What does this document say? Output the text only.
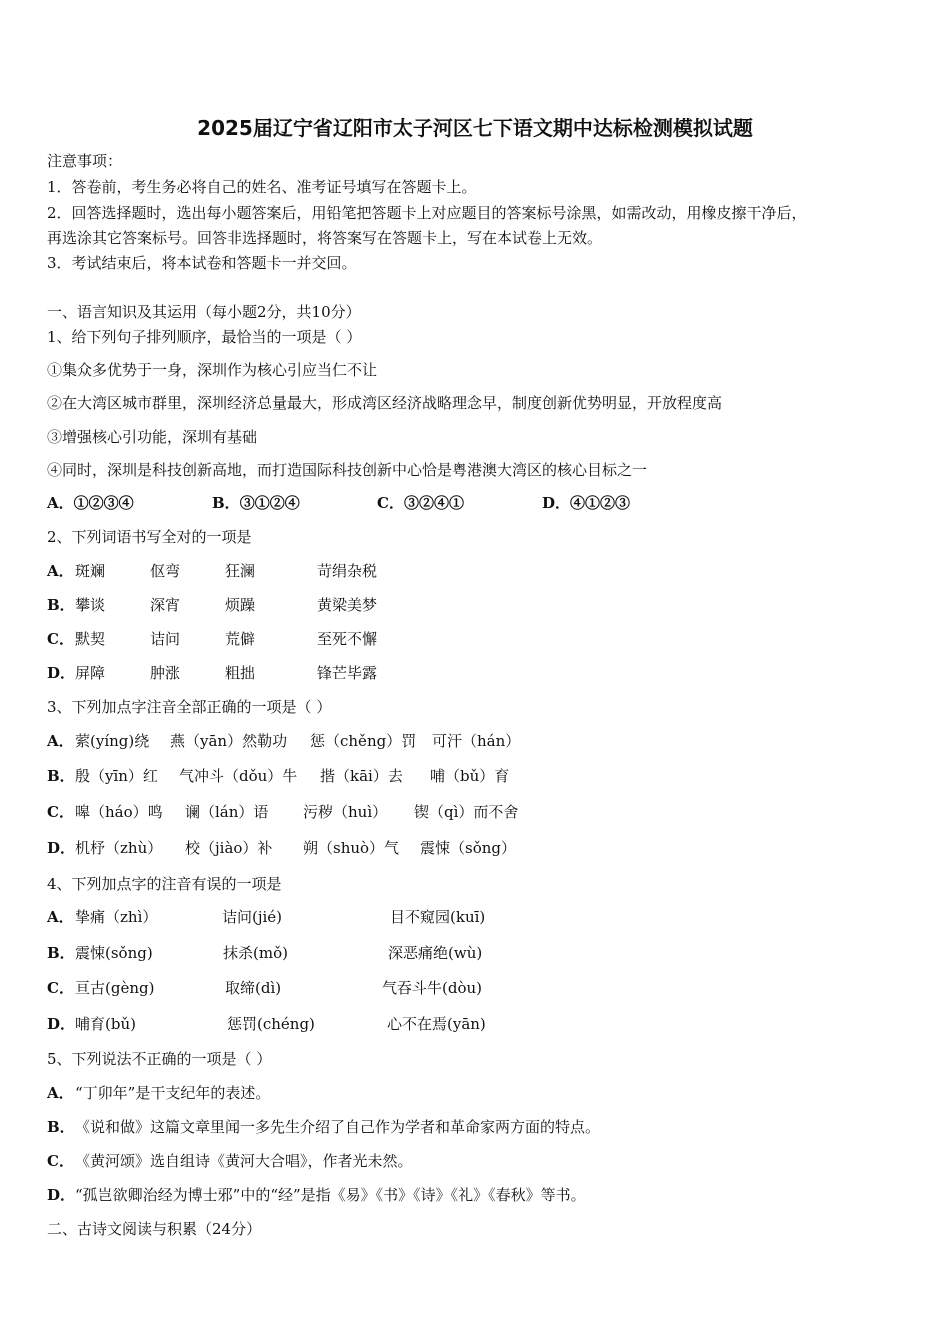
2025届辽宁省辽阳市太子河区七下语文期中达标检测模拟试题
注意事项：
1．答卷前，考生务必将自己的姓名、准考证号填写在答题卡上。
2．回答选择题时，选出每小题答案后，用铅笔把答题卡上对应题目的答案标号涂黑，如需改动，用橡皮擦干净后，
再选涂其它答案标号。回答非选择题时，将答案写在答题卡上，写在本试卷上无效。
3．考试结束后，将本试卷和答题卡一并交回。
一、语言知识及其运用（每小题2分，共10分）
1、给下列句子排列顺序，最恰当的一项是（ ）
①集众多优势于一身，深圳作为核心引应当仁不让
②在大湾区城市群里，深圳经济总量最大，形成湾区经济战略理念早，制度创新优势明显，开放程度高
③增强核心引功能，深圳有基础
④同时，深圳是科技创新高地，而打造国际科技创新中心恰是粤港澳大湾区的核心目标之一
A．①②③④	B．③①②④	C．③②④①	D．④①②③
2、下列词语书写全对的一项是
A． 斑斓	伛弯	狂澜	苛绢杂税
B． 攀谈	深宵	烦躁	黄梁美梦
C． 默契	诘问	荒僻	至死不懈
D． 屏障	肿涨	粗拙	锋芒毕露
3、下列加点字注音全部正确的一项是（ ）
A． 萦(yíng)绕 燕（yān）然勒功 惩（chěng）罚 可汗（hán）
B． 殷（yīn）红 气冲斗（dǒu）牛 揩（kāi）去 哺（bǔ）育
C． 嗥（háo）鸣 谰（lán）语 污秽（huì） 锲（qì）而不舍
D． 机杼（zhù） 校（jiào）补 朔（shuò）气 震悚（sǒng）
4、下列加点字的注音有误的一项是
A． 挚痛（zhì）	诘问(jié)	目不窥园(kuī)
B． 震悚(sǒng)	抹杀(mǒ)	深恶痛绝(wù)
C． 亘古(gèng)	取缔(dì)	气吞斗牛(dòu)
D． 哺育(bǔ)	惩罚(chéng)	心不在焉(yān)
5、下列说法不正确的一项是（ ）
A． “丁卯年”是干支纪年的表述。
B． 《说和做》这篇文章里闻一多先生介绍了自己作为学者和革命家两方面的特点。
C． 《黄河颂》选自组诗《黄河大合唱》，作者光未然。
D． “孤岂欲卿治经为博士邪”中的“经”是指《易》《书》《诗》《礼》《春秋》等书。
二、古诗文阅读与积累（24分）
